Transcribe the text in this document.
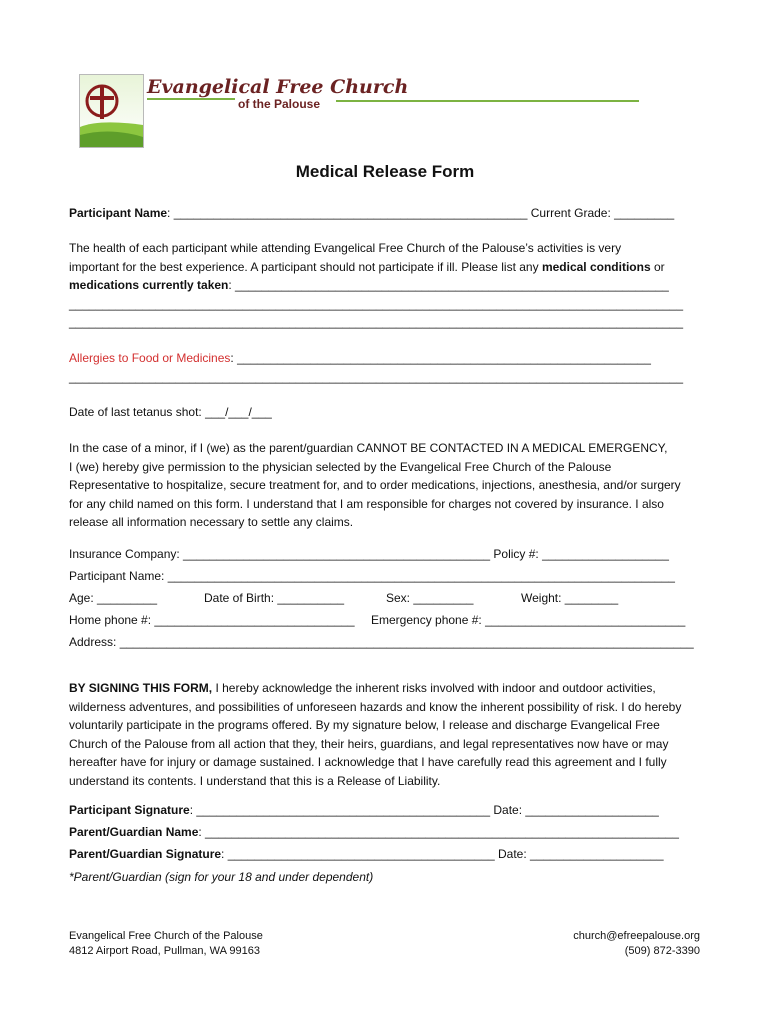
Evangelical Free Church
of the Palouse
Medical Release Form
Participant Name: _____________________________________________________ Current Grade: _________

The health of each participant while attending Evangelical Free Church of the Palouse’s activities is very

important for the best experience. A participant should not participate if ill. Please list any medical conditions or

medications currently taken: _________________________________________________________________

____________________________________________________________________________________________

____________________________________________________________________________________________

Allergies to Food or Medicines: ______________________________________________________________

____________________________________________________________________________________________

Date of last tetanus shot: ___/___/___

In the case of a minor, if I (we) as the parent/guardian CANNOT BE CONTACTED IN A MEDICAL EMERGENCY,

I (we) hereby give permission to the physician selected by the Evangelical Free Church of the Palouse

Representative to hospitalize, secure treatment for, and to order medications, injections, anesthesia, and/or surgery

for any child named on this form. I understand that I am responsible for charges not covered by insurance. I also

release all information necessary to settle any claims.

Insurance Company: ______________________________________________ Policy #: ___________________
Participant Name: ____________________________________________________________________________
Age: _________	Date of Birth: __________	Sex: _________	Weight: ________
Home phone #: ______________________________ Emergency phone #: ______________________________
Address: ______________________________________________________________________________________

BY SIGNING THIS FORM, I hereby acknowledge the inherent risks involved with indoor and outdoor activities,

wilderness adventures, and possibilities of unforeseen hazards and know the inherent possibility of risk. I do hereby

voluntarily participate in the programs offered. By my signature below, I release and discharge Evangelical Free

Church of the Palouse from all action that they, their heirs, guardians, and legal representatives now have or may

hereafter have for injury or damage sustained. I acknowledge that I have carefully read this agreement and I fully

understand its contents. I understand that this is a Release of Liability.

Participant Signature: ____________________________________________ Date: ____________________
Parent/Guardian Name: _______________________________________________________________________
Parent/Guardian Signature: ________________________________________ Date: ____________________
*Parent/Guardian (sign for your 18 and under dependent)
Evangelical Free Church of the Palouse
4812 Airport Road, Pullman, WA 99163
church@efreepalouse.org
(509) 872-3390
